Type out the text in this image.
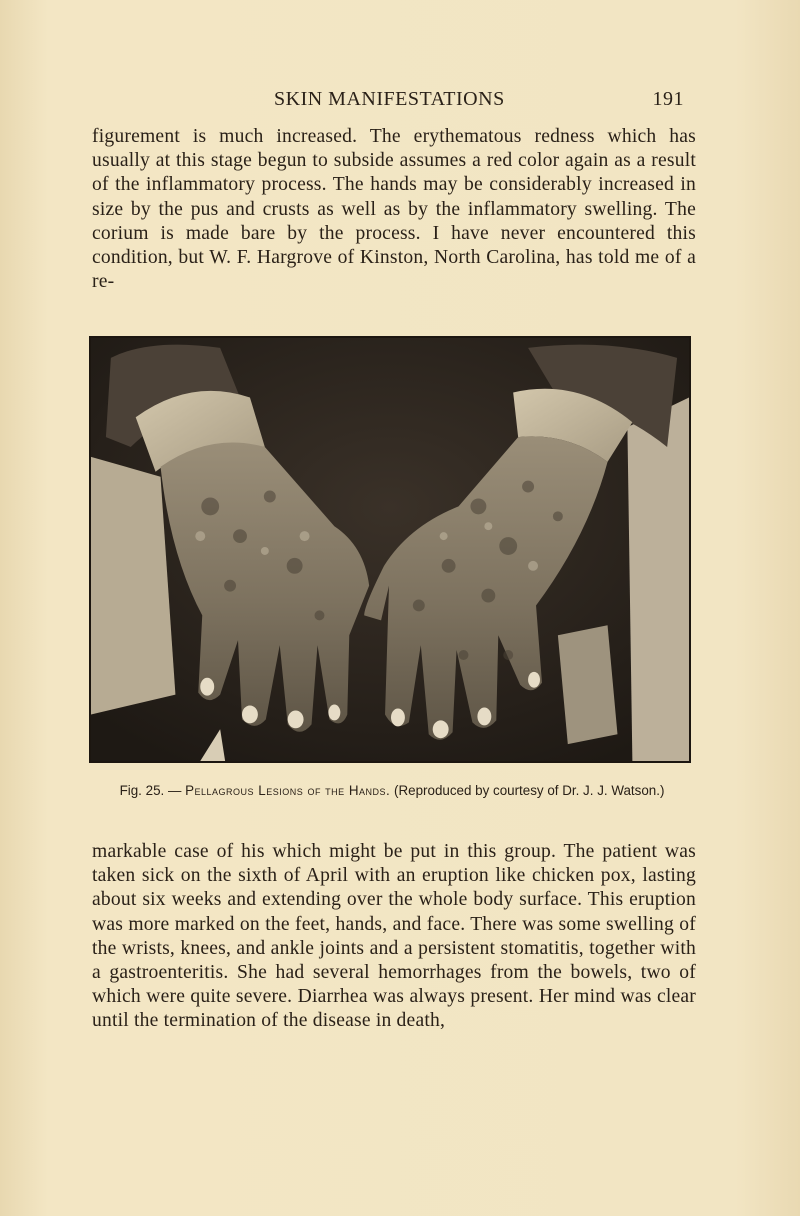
SKIN MANIFESTATIONS	191

figurement is much increased. The erythematous redness which has usually at this stage begun to subside assumes a red color again as a result of the inflammatory process. The hands may be considerably increased in size by the pus and crusts as well as by the inflammatory swelling. The corium is made bare by the process. I have never encountered this condition, but W. F. Hargrove of Kinston, North Carolina, has told me of a re-

Fig. 25. — Pellagrous Lesions of the Hands. (Reproduced by courtesy of Dr. J. J. Watson.)

markable case of his which might be put in this group. The patient was taken sick on the sixth of April with an eruption like chicken pox, lasting about six weeks and extending over the whole body surface. This eruption was more marked on the feet, hands, and face. There was some swelling of the wrists, knees, and ankle joints and a persistent stomatitis, together with a gastroenteritis. She had several hemorrhages from the bowels, two of which were quite severe. Diarrhea was always present. Her mind was clear until the termination of the disease in death,
